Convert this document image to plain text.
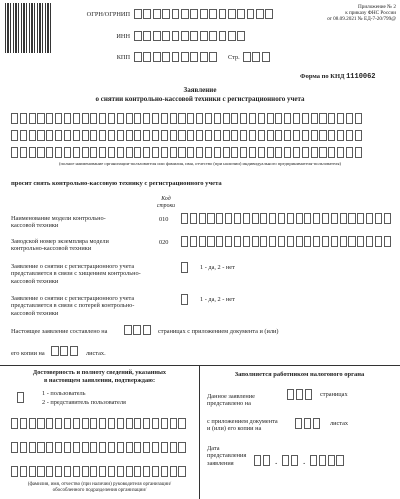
ОГРН/ОГРНИП
ИНН
КПП	Стр.
Приложение № 2
к приказу ФНС России
от 08.09.2021 № ЕД-7-20/799@
Форма по КНД 1110062
Заявление
о снятии контрольно-кассовой техники с регистрационного учета
(полное наименование организации-пользователя или фамилия, имя, отчество (при наличии) индивидуального предпринимателя-пользователя)
просит снять контрольно-кассовую технику с регистрационного учета
Код
строки
Наименование модели контрольно-кассовой техники
010
Заводской номер экземпляра модели контрольно-кассовой техники
020
Заявление о снятии с регистрационного учета представляется в связи с хищением контрольно-кассовой техники
1 - да, 2 - нет
Заявление о снятии с регистрационного учета представляется в связи с потерей контрольно-кассовой техники
1 - да, 2 - нет
Настоящее заявление составлено на	страницах с приложением документа и (или)
его копии на	листах.
Достоверность и полноту сведений, указанных
в настоящем заявлении, подтверждаю:
1 - пользователь
2 - представитель пользователя
(фамилия, имя, отчество (при наличии) руководителя организации/
обособленного подразделения организации/
Заполняется работником налогового органа
Данное заявление
представлено на
страницах
с приложением документа
и (или) его копии на
листах
Дата
представления
заявления	.	.
